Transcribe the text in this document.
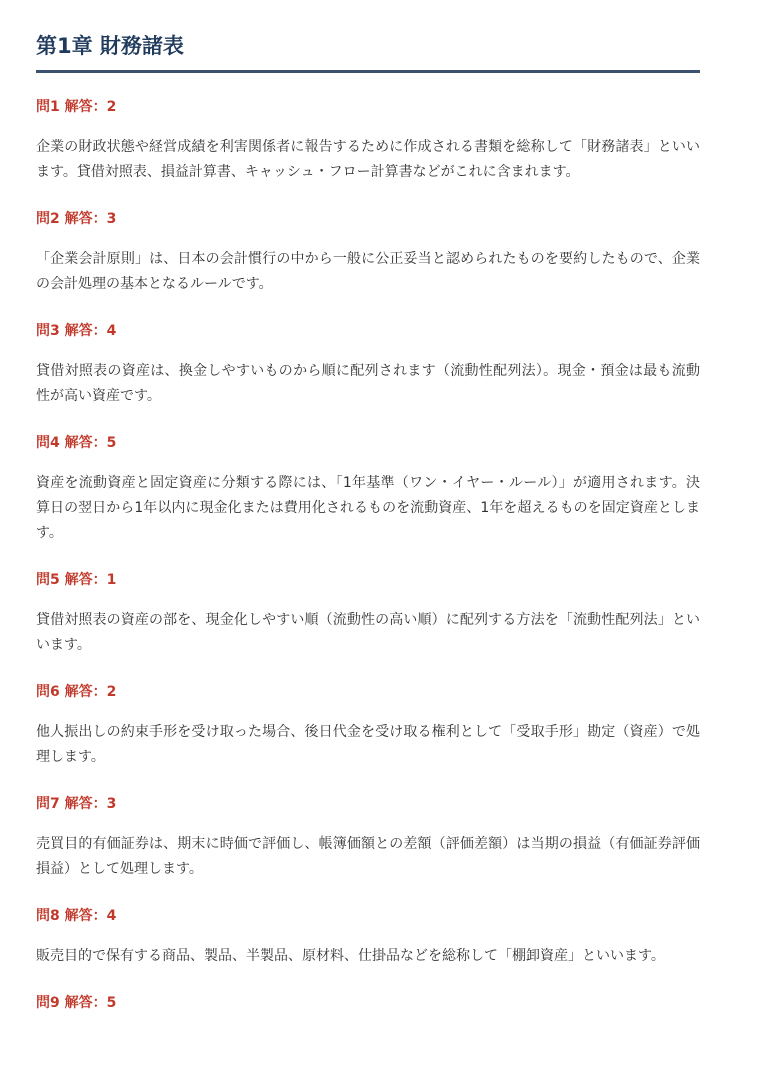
第1章 財務諸表
問1 解答：2

企業の財政状態や経営成績を利害関係者に報告するために作成される書類を総称して「財務諸表」といいます。貸借対照表、損益計算書、キャッシュ・フロー計算書などがこれに含まれます。

問2 解答：3

「企業会計原則」は、日本の会計慣行の中から一般に公正妥当と認められたものを要約したもので、企業の会計処理の基本となるルールです。

問3 解答：4

貸借対照表の資産は、換金しやすいものから順に配列されます（流動性配列法）。現金・預金は最も流動性が高い資産です。

問4 解答：5

資産を流動資産と固定資産に分類する際には、「1年基準（ワン・イヤー・ルール）」が適用されます。決算日の翌日から1年以内に現金化または費用化されるものを流動資産、1年を超えるものを固定資産とします。

問5 解答：1

貸借対照表の資産の部を、現金化しやすい順（流動性の高い順）に配列する方法を「流動性配列法」といいます。

問6 解答：2

他人振出しの約束手形を受け取った場合、後日代金を受け取る権利として「受取手形」勘定（資産）で処理します。

問7 解答：3

売買目的有価証券は、期末に時価で評価し、帳簿価額との差額（評価差額）は当期の損益（有価証券評価損益）として処理します。

問8 解答：4

販売目的で保有する商品、製品、半製品、原材料、仕掛品などを総称して「棚卸資産」といいます。

問9 解答：5
